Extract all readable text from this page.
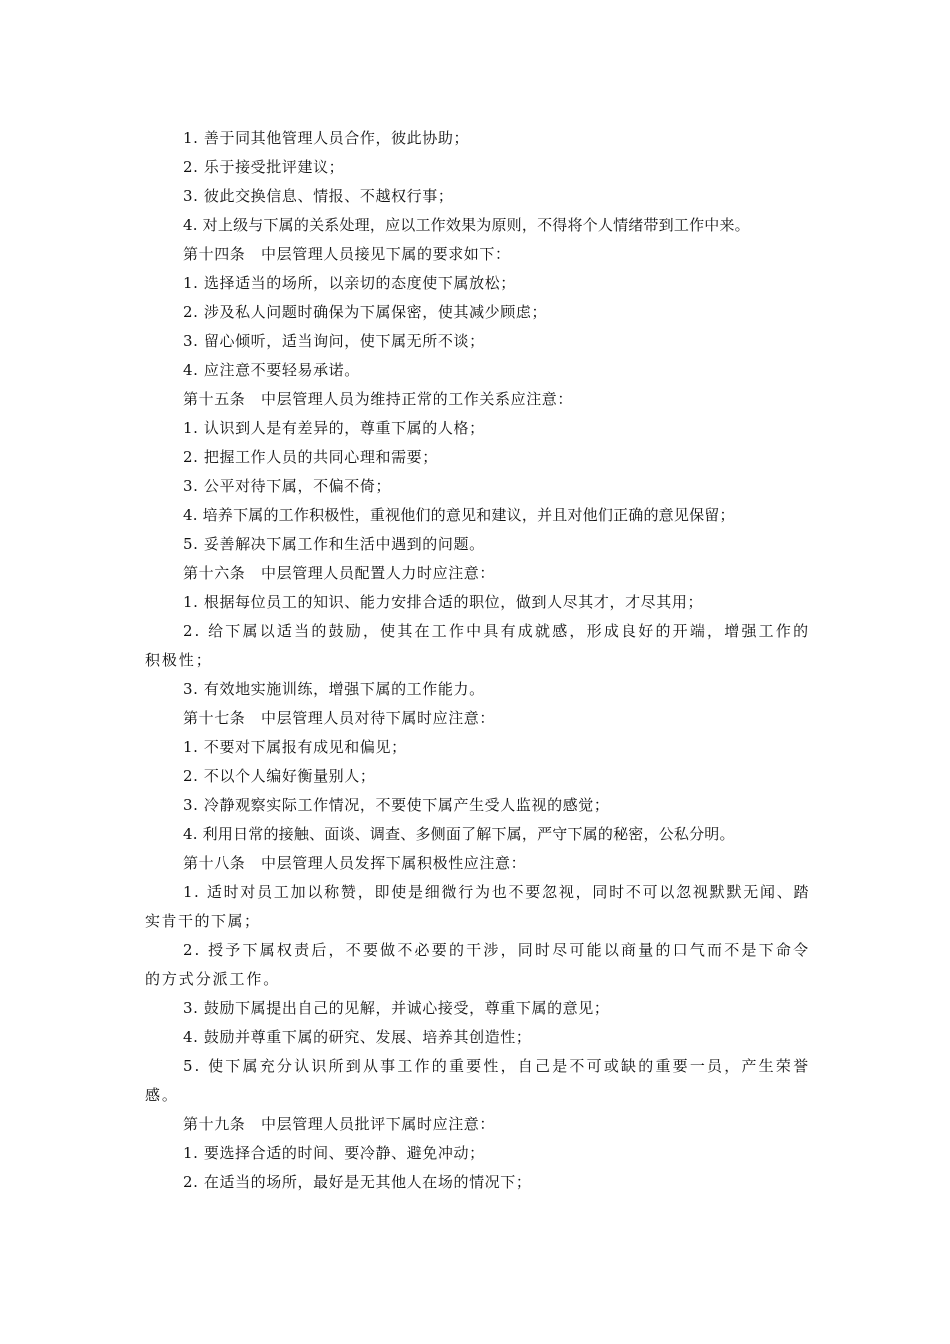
1. 善于同其他管理人员合作，彼此协助；
2. 乐于接受批评建议；
3. 彼此交换信息、情报、不越权行事；
4. 对上级与下属的关系处理，应以工作效果为原则，不得将个人情绪带到工作中来。
第十四条　中层管理人员接见下属的要求如下：
1. 选择适当的场所，以亲切的态度使下属放松；
2. 涉及私人问题时确保为下属保密，使其减少顾虑；
3. 留心倾听，适当询问，使下属无所不谈；
4. 应注意不要轻易承诺。
第十五条　中层管理人员为维持正常的工作关系应注意：
1. 认识到人是有差异的，尊重下属的人格；
2. 把握工作人员的共同心理和需要；
3. 公平对待下属，不偏不倚；
4. 培养下属的工作积极性，重视他们的意见和建议，并且对他们正确的意见保留；
5. 妥善解决下属工作和生活中遇到的问题。
第十六条　中层管理人员配置人力时应注意：
1. 根据每位员工的知识、能力安排合适的职位，做到人尽其才，才尽其用；
2. 给下属以适当的鼓励，使其在工作中具有成就感，形成良好的开端，增强工作的积极性；
3. 有效地实施训练，增强下属的工作能力。
第十七条　中层管理人员对待下属时应注意：
1. 不要对下属报有成见和偏见；
2. 不以个人编好衡量别人；
3. 冷静观察实际工作情况，不要使下属产生受人监视的感觉；
4. 利用日常的接触、面谈、调查、多侧面了解下属，严守下属的秘密，公私分明。
第十八条　中层管理人员发挥下属积极性应注意：
1. 适时对员工加以称赞，即使是细微行为也不要忽视，同时不可以忽视默默无闻、踏实肯干的下属；
2. 授予下属权责后，不要做不必要的干涉，同时尽可能以商量的口气而不是下命令的方式分派工作。
3. 鼓励下属提出自己的见解，并诚心接受，尊重下属的意见；
4. 鼓励并尊重下属的研究、发展、培养其创造性；
5. 使下属充分认识所到从事工作的重要性，自己是不可或缺的重要一员，产生荣誉感。
第十九条　中层管理人员批评下属时应注意：
1. 要选择合适的时间、要冷静、避免冲动；
2. 在适当的场所，最好是无其他人在场的情况下；
